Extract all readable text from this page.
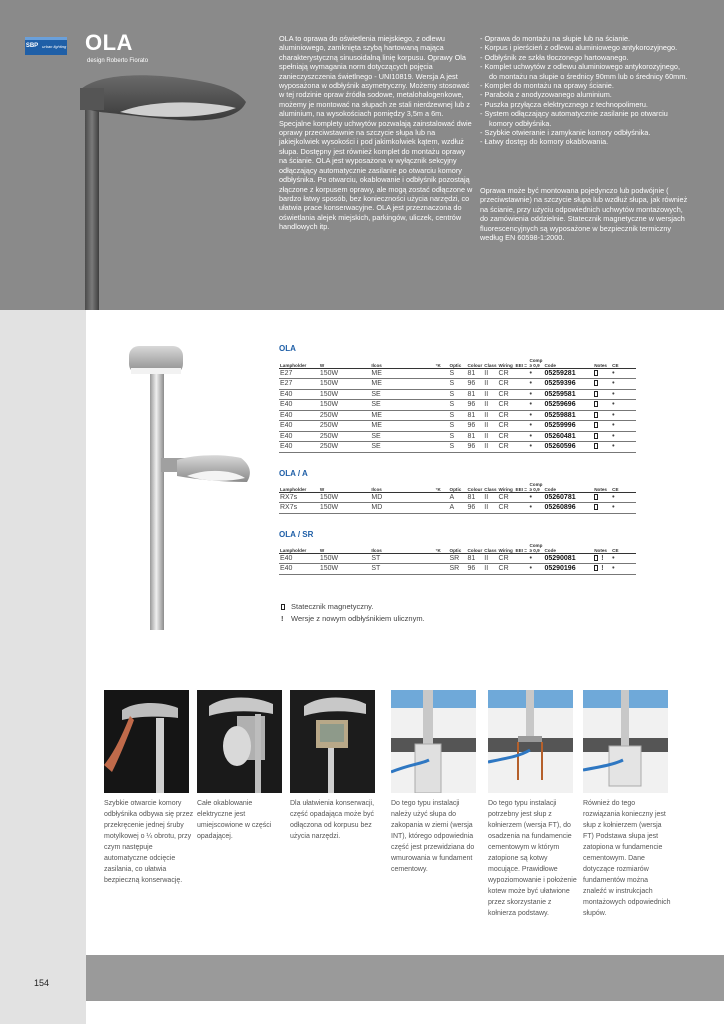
SBP urban lighting OLA
design Roberto Fiorato
OLA to oprawa do oświetlenia miejskiego, z odlewu aluminiowego, zamknięta szybą hartowaną mająca charakterystyczną sinusoidalną linię korpusu. Oprawy Ola spełniają wymagania norm dotyczących pojęcia zanieczyszczenia świetlnego - UNI10819. Wersja A jest wyposażona w odbłyśnik asymetryczny. Możemy stosować w tej rodzinie opraw źródła sodowe, metalohalogenkowe, możemy je montować na słupach ze stali nierdzewnej lub z aluminium, na wysokościach pomiędzy 3,5m a 6m. Specjalne komplety uchwytów pozwalają zainstalować dwie oprawy przeciwstawnie na szczycie słupa lub na jakiejkolwiek wysokości i pod jakimkolwiek kątem, wzdłuż słupa. Dostępny jest również komplet do montażu oprawy na ścianie. OLA jest wyposażona w wyłącznik sekcyjny odłączający automatycznie zasilanie po otwarciu komory odbłyśnika. Po otwarciu, okablowanie i odbłyśnik pozostają złączone z korpusem oprawy, ale mogą zostać odłączone w bardzo łatwy sposób, bez konieczności użycia narzędzi, co ułatwia prace konserwacyjne. OLA jest przeznaczona do oświetlania alejek miejskich, parkingów, uliczek, centrów handlowych itp.
- Oprawa do montażu na słupie lub na ścianie.
- Korpus i pierścień z odlewu aluminiowego antykorozyjnego.
- Odbłyśnik ze szkła tłoczonego hartowanego.
- Komplet uchwytów z odlewu aluminiowego antykorozyjnego, do montażu na słupie o średnicy 90mm lub o średnicy 60mm.
- Komplet do montażu na oprawy ścianie.
- Parabola z anodyzowanego aluminium.
- Puszka przyłącza elektrycznego z technopolimeru.
- System odłączający automatycznie zasilanie po otwarciu komory odbłyśnika.
- Szybkie otwieranie i zamykanie komory odbłyśnika.
- Łatwy dostęp do komory okablowania.
Oprawa może być montowana pojedynczo lub podwójnie ( przeciwstawnie) na szczycie słupa lub wzdłuż słupa, jak również na ścianie, przy użyciu odpowiednich uchwytów montażowych, do zamówienia oddzielnie. Statecznik magnetyczne w wersjach fluorescencyjnych są wyposażone w bezpiecznik termiczny według EN 60598-1:2000.
OLA
Lampholder	W	Ilcos	°K	Optic	Colour	Class	Wiring	EEI =	Comp ≥ 0,9	Code	Notes	CE
E27	150W	ME		S	81	II	CR		•	05259281		•
E27	150W	ME		S	96	II	CR		•	05259396		•
E40	150W	SE		S	81	II	CR		•	05259581		•
E40	150W	SE		S	96	II	CR		•	05259696		•
E40	250W	ME		S	81	II	CR		•	05259881		•
E40	250W	ME		S	96	II	CR		•	05259996		•
E40	250W	SE		S	81	II	CR		•	05260481		•
E40	250W	SE		S	96	II	CR		•	05260596		•
OLA / A
Lampholder	W	Ilcos	°K	Optic	Colour	Class	Wiring	EEI =	Comp ≥ 0,9	Code	Notes	CE
RX7s	150W	MD		A	81	II	CR		•	05260781		•
RX7s	150W	MD		A	96	II	CR		•	05260896		•
OLA / SR
Lampholder	W	Ilcos	°K	Optic	Colour	Class	Wiring	EEI =	Comp ≥ 0,9	Code	Notes	CE
E40	150W	ST		SR	81	II	CR		•	05290081	!	•
E40	150W	ST		SR	96	II	CR		•	05290196	!	•
Statecznik magnetyczny.
! Wersje z nowym odbłyśnikiem ulicznym.
Szybkie otwarcie komory odbłyśnika odbywa się przez przekręcenie jednej śruby motylkowej o ¼ obrotu, przy czym następuje automatyczne odcięcie zasilania, co ułatwia bezpieczną konserwację.
Całe okablowanie elektryczne jest umiejscowione w części opadającej.
Dla ułatwienia konserwacji, część opadająca może być odłączona od korpusu bez użycia narzędzi.
Do tego typu instalacji należy użyć słupa do zakopania w ziemi (wersja INT), którego odpowiednia część jest przewidziana do wmurowania w fundament cementowy.
Do tego typu instalacji potrzebny jest słup z kołnierzem (wersja FT), do osadzenia na fundamencie cementowym w którym zatopione są kotwy mocujące. Prawidłowe wypoziomowanie i położenie kotew może być ułatwione przez skorzystanie z kołnierza podstawy.
Również do tego rozwiązania konieczny jest słup z kołnierzem (wersja FT) Podstawa słupa jest zatopiona w fundamencie cementowym. Dane dotyczące rozmiarów fundamentów można znaleźć w instrukcjach montażowych odpowiednich słupów.
154
